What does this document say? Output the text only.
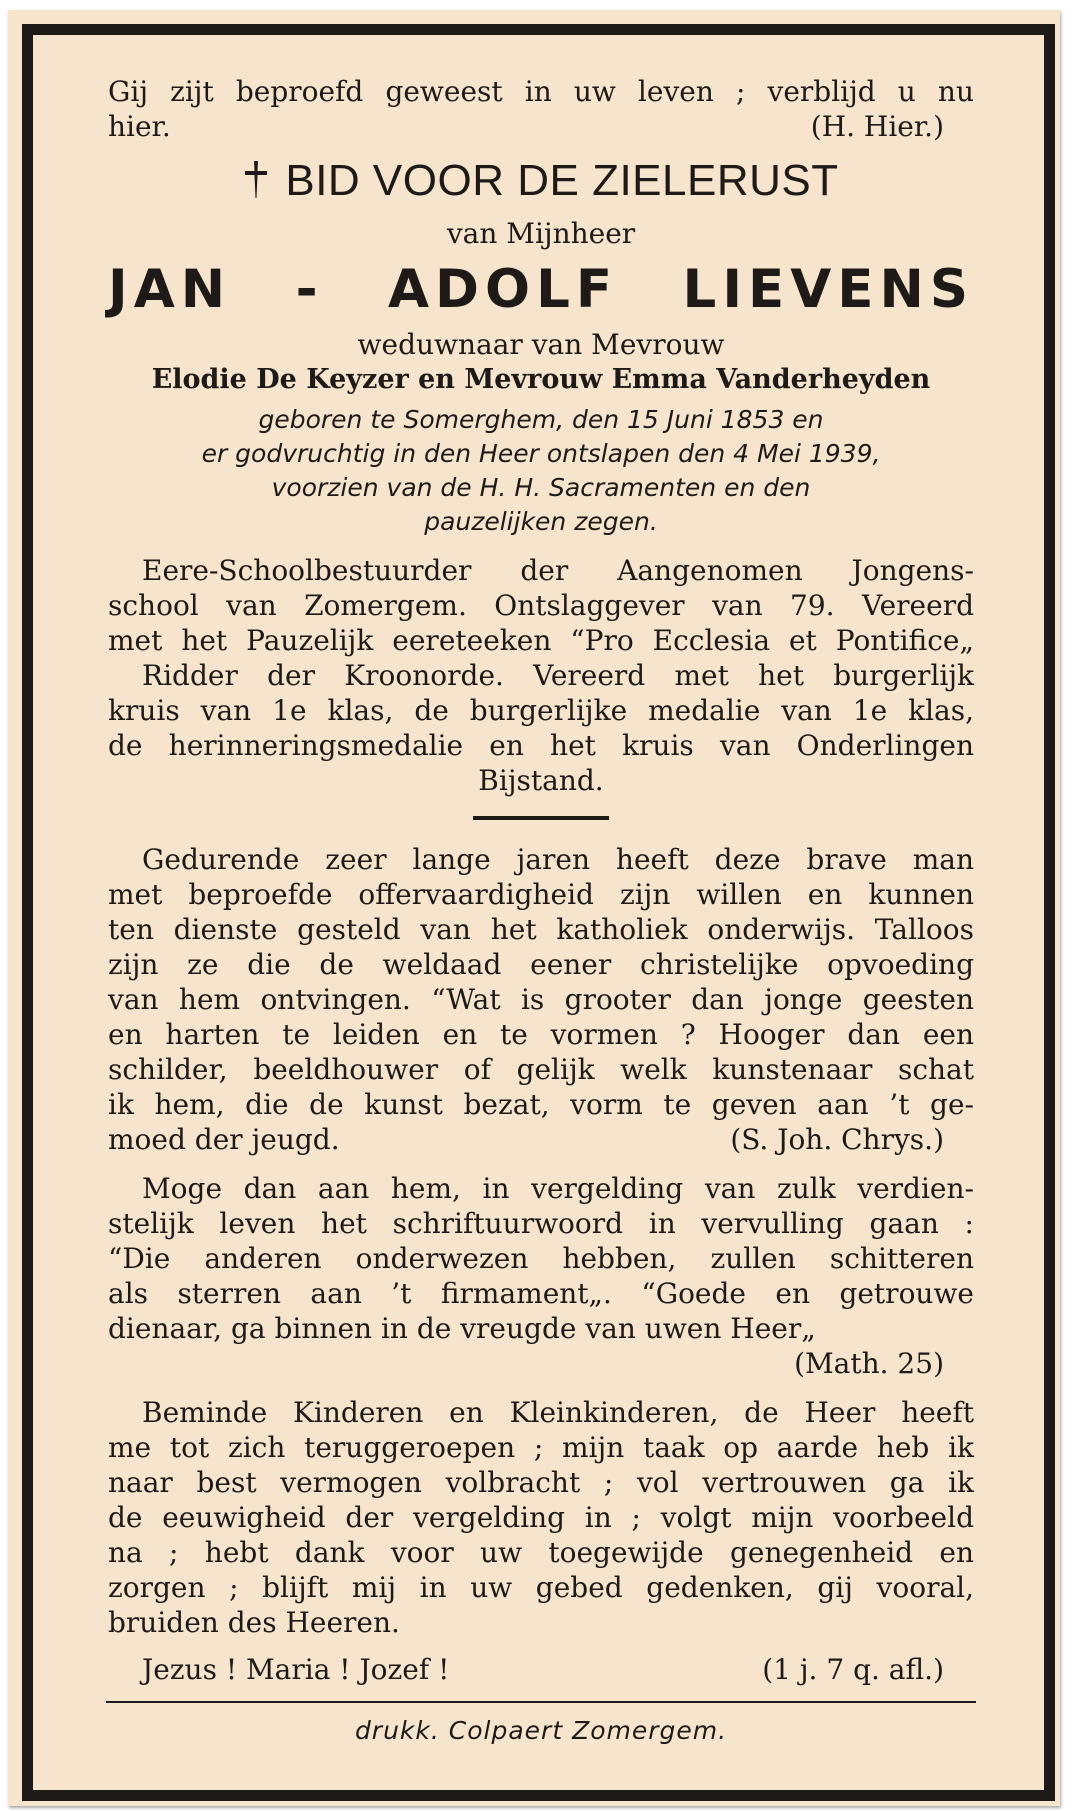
Gij zijt beproefd geweest in uw leven ; verblijd u nu
hier.	(H. Hier.)
BID VOOR DE ZIELERUST
van Mijnheer
JAN - ADOLF LIEVENS
weduwnaar van Mevrouw
Elodie De Keyzer en Mevrouw Emma Vanderheyden
geboren te Somerghem, den 15 Juni 1853 en
er godvruchtig in den Heer ontslapen den 4 Mei 1939,
voorzien van de H. H. Sacramenten en den
pauzelijken zegen.
Eere-Schoolbestuurder der Aangenomen Jongens-
school van Zomergem. Ontslaggever van 79. Vereerd
met het Pauzelijk eereteeken “Pro Ecclesia et Pontifice„
Ridder der Kroonorde. Vereerd met het burgerlijk
kruis van 1e klas, de burgerlijke medalie van 1e klas,
de herinneringsmedalie en het kruis van Onderlingen
Bijstand.
Gedurende zeer lange jaren heeft deze brave man
met beproefde offervaardigheid zijn willen en kunnen
ten dienste gesteld van het katholiek onderwijs. Talloos
zijn ze die de weldaad eener christelijke opvoeding
van hem ontvingen. “Wat is grooter dan jonge geesten
en harten te leiden en te vormen ? Hooger dan een
schilder, beeldhouwer of gelijk welk kunstenaar schat
ik hem, die de kunst bezat, vorm te geven aan ’t ge-
moed der jeugd.	(S. Joh. Chrys.)
Moge dan aan hem, in vergelding van zulk verdien-
stelijk leven het schriftuurwoord in vervulling gaan :
“Die anderen onderwezen hebben, zullen schitteren
als sterren aan ’t firmament„. “Goede en getrouwe
dienaar, ga binnen in de vreugde van uwen Heer„
(Math. 25)
Beminde Kinderen en Kleinkinderen, de Heer heeft
me tot zich teruggeroepen ; mijn taak op aarde heb ik
naar best vermogen volbracht ; vol vertrouwen ga ik
de eeuwigheid der vergelding in ; volgt mijn voorbeeld
na ; hebt dank voor uw toegewijde genegenheid en
zorgen ; blijft mij in uw gebed gedenken, gij vooral,
bruiden des Heeren.
Jezus ! Maria ! Jozef !	(1 j. 7 q. afl.)
drukk. Colpaert Zomergem.
